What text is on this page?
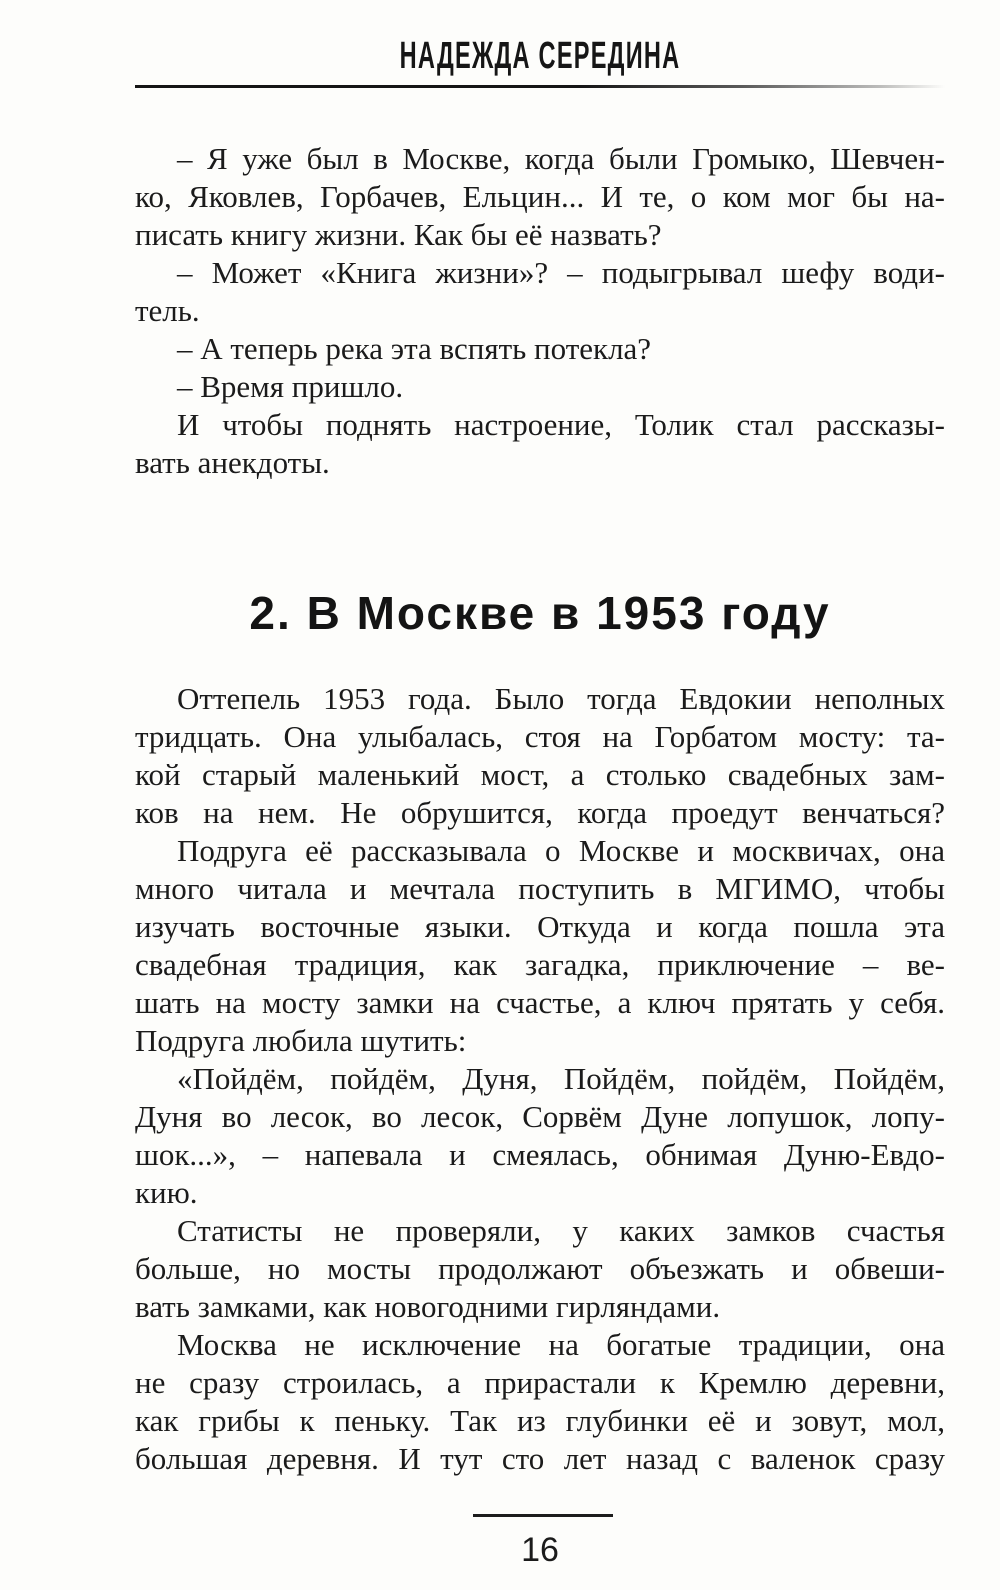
НАДЕЖДА СЕРЕДИНА
– Я уже был в Москве, когда были Громыко, Шевчен-
ко, Яковлев, Горбачев, Ельцин... И те, о ком мог бы на-
писать книгу жизни. Как бы её назвать?
– Может «Книга жизни»? – подыгрывал шефу води-
тель.
– А теперь река эта вспять потекла?
– Время пришло.
И чтобы поднять настроение, Толик стал рассказы-
вать анекдоты.
2. В Москве в 1953 году
Оттепель 1953 года. Было тогда Евдокии неполных
тридцать. Она улыбалась, стоя на Горбатом мосту: та-
кой старый маленький мост, а столько свадебных зам-
ков на нем. Не обрушится, когда проедут венчаться?
Подруга её рассказывала о Москве и москвичах, она
много читала и мечтала поступить в МГИМО, чтобы
изучать восточные языки. Откуда и когда пошла эта
свадебная традиция, как загадка, приключение – ве-
шать на мосту замки на счастье, а ключ прятать у себя.
Подруга любила шутить:
«Пойдём, пойдём, Дуня, Пойдём, пойдём, Пойдём,
Дуня во лесок, во лесок, Сорвём Дуне лопушок, лопу-
шок...», – напевала и смеялась, обнимая Дуню-Евдо-
кию.
Статисты не проверяли, у каких замков счастья
больше, но мосты продолжают объезжать и обвеши-
вать замками, как новогодними гирляндами.
Москва не исключение на богатые традиции, она
не сразу строилась, а прирастали к Кремлю деревни,
как грибы к пеньку. Так из глубинки её и зовут, мол,
большая деревня. И тут сто лет назад с валенок сразу
16
